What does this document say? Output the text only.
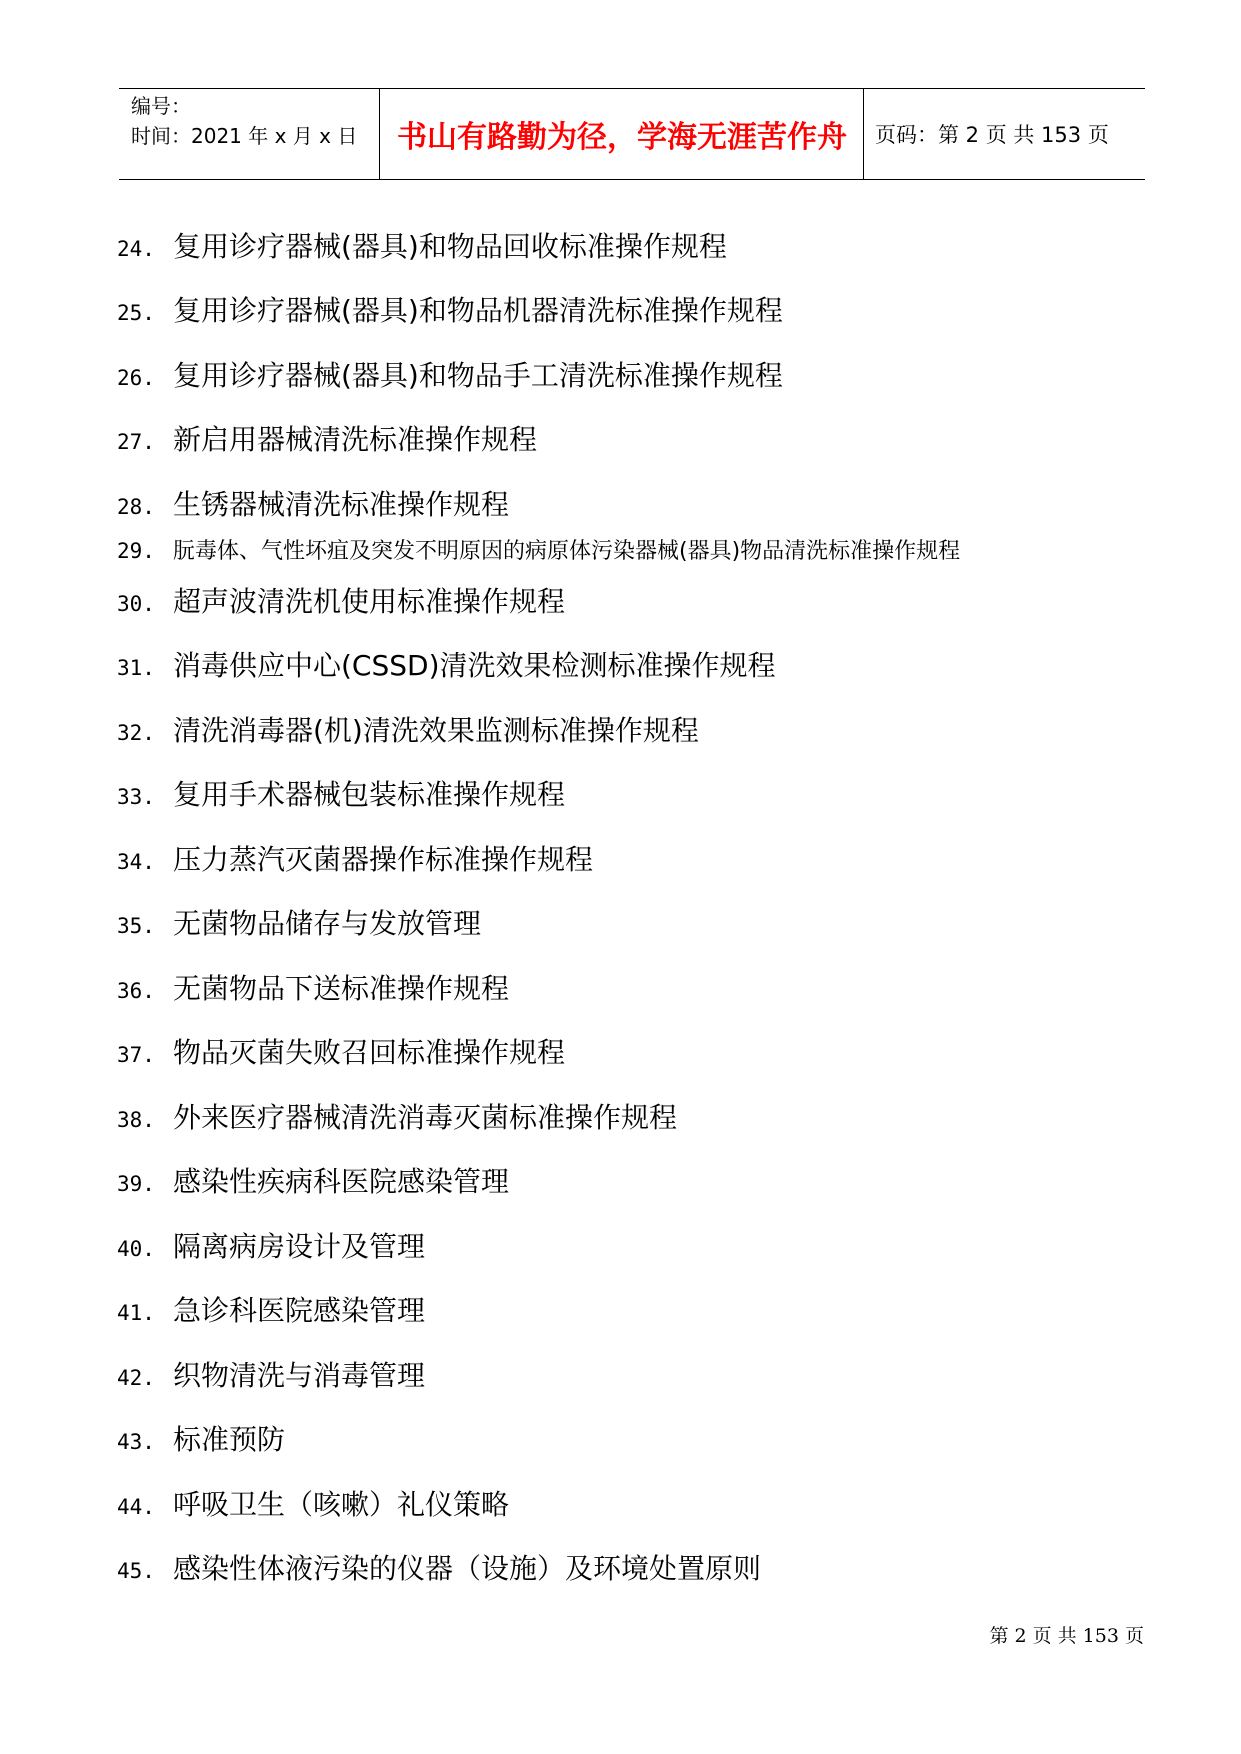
编号：
时间：2021 年 x 月 x 日	书山有路勤为径，学海无涯苦作舟	页码：第 2 页 共 153 页
24. 复用诊疗器械(器具)和物品回收标准操作规程
25. 复用诊疗器械(器具)和物品机器清洗标准操作规程
26. 复用诊疗器械(器具)和物品手工清洗标准操作规程
27. 新启用器械清洗标准操作规程
28. 生锈器械清洗标准操作规程
29. 朊毒体、气性坏疽及突发不明原因的病原体污染器械(器具)物品清洗标准操作规程
30. 超声波清洗机使用标准操作规程
31. 消毒供应中心(CSSD)清洗效果检测标准操作规程
32. 清洗消毒器(机)清洗效果监测标准操作规程
33. 复用手术器械包装标准操作规程
34. 压力蒸汽灭菌器操作标准操作规程
35. 无菌物品储存与发放管理
36. 无菌物品下送标准操作规程
37. 物品灭菌失败召回标准操作规程
38. 外来医疗器械清洗消毒灭菌标准操作规程
39. 感染性疾病科医院感染管理
40. 隔离病房设计及管理
41. 急诊科医院感染管理
42. 织物清洗与消毒管理
43. 标准预防
44. 呼吸卫生（咳嗽）礼仪策略
45. 感染性体液污染的仪器（设施）及环境处置原则
第 2 页 共 153 页
